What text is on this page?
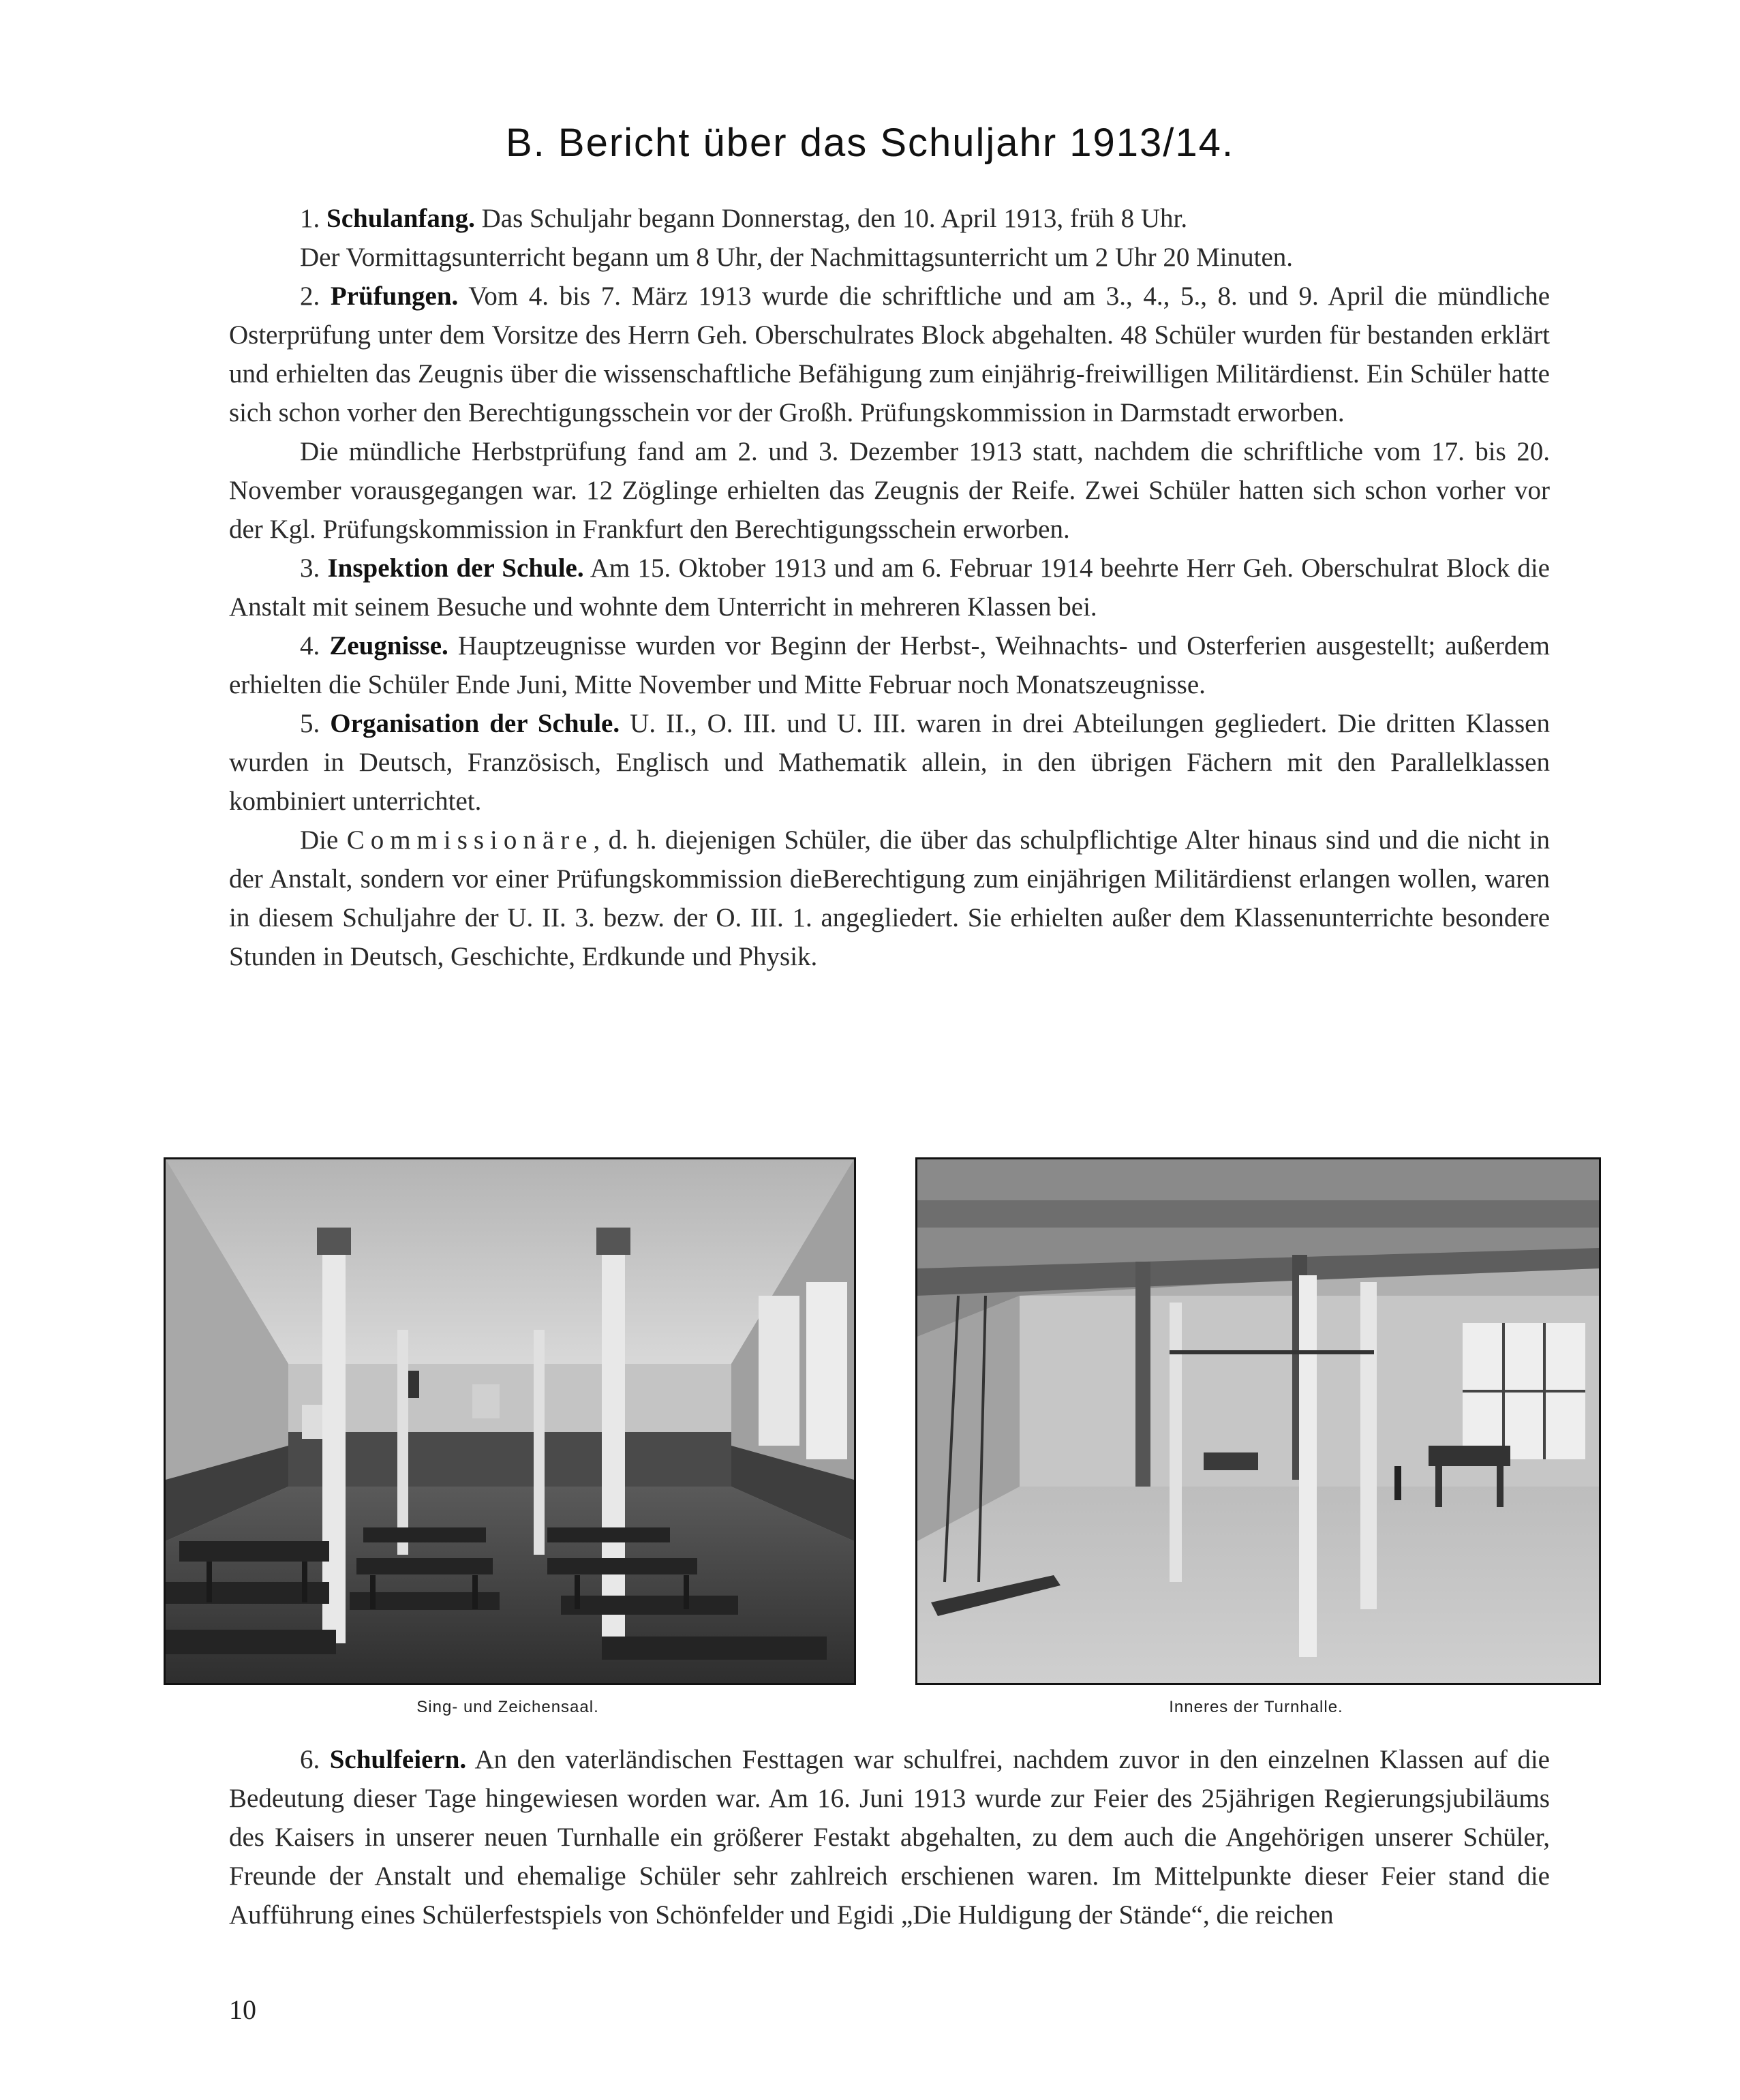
B. Bericht über das Schuljahr 1913/14.

1. Schulanfang. Das Schuljahr begann Donnerstag, den 10. April 1913, früh 8 Uhr.

Der Vormittagsunterricht begann um 8 Uhr, der Nachmittagsunterricht um 2 Uhr 20 Minuten.

2. Prüfungen. Vom 4. bis 7. März 1913 wurde die schriftliche und am 3., 4., 5., 8. und 9. April die mündliche Osterprüfung unter dem Vorsitze des Herrn Geh. Oberschulrates Block abgehalten. 48 Schüler wurden für bestanden erklärt und erhielten das Zeugnis über die wissenschaftliche Befähigung zum einjährig-freiwilligen Militärdienst. Ein Schüler hatte sich schon vorher den Berechtigungsschein vor der Großh. Prüfungskommission in Darmstadt erworben.

Die mündliche Herbstprüfung fand am 2. und 3. Dezember 1913 statt, nachdem die schriftliche vom 17. bis 20. November vorausgegangen war. 12 Zöglinge erhielten das Zeugnis der Reife. Zwei Schüler hatten sich schon vorher vor der Kgl. Prüfungskommission in Frankfurt den Berechtigungsschein erworben.

3. Inspektion der Schule. Am 15. Oktober 1913 und am 6. Februar 1914 beehrte Herr Geh. Oberschulrat Block die Anstalt mit seinem Besuche und wohnte dem Unterricht in mehreren Klassen bei.

4. Zeugnisse. Hauptzeugnisse wurden vor Beginn der Herbst-, Weihnachts- und Osterferien ausgestellt; außerdem erhielten die Schüler Ende Juni, Mitte November und Mitte Februar noch Monatszeugnisse.

5. Organisation der Schule. U. II., O. III. und U. III. waren in drei Abteilungen gegliedert. Die dritten Klassen wurden in Deutsch, Französisch, Englisch und Mathematik allein, in den übrigen Fächern mit den Parallelklassen kombiniert unterrichtet.

Die Commissionäre, d. h. diejenigen Schüler, die über das schulpflichtige Alter hinaus sind und die nicht in der Anstalt, sondern vor einer Prüfungskommission dieBerechtigung zum einjährigen Militärdienst erlangen wollen, waren in diesem Schuljahre der U. II. 3. bezw. der O. III. 1. angegliedert. Sie erhielten außer dem Klassenunterrichte besondere Stunden in Deutsch, Geschichte, Erdkunde und Physik.

Sing- und Zeichensaal.	Inneres der Turnhalle.

6. Schulfeiern. An den vaterländischen Festtagen war schulfrei, nachdem zuvor in den einzelnen Klassen auf die Bedeutung dieser Tage hingewiesen worden war. Am 16. Juni 1913 wurde zur Feier des 25jährigen Regierungsjubiläums des Kaisers in unserer neuen Turnhalle ein größerer Festakt abgehalten, zu dem auch die Angehörigen unserer Schüler, Freunde der Anstalt und ehemalige Schüler sehr zahlreich erschienen waren. Im Mittelpunkte dieser Feier stand die Aufführung eines Schülerfestspiels von Schönfelder und Egidi „Die Huldigung der Stände“, die reichen

10
